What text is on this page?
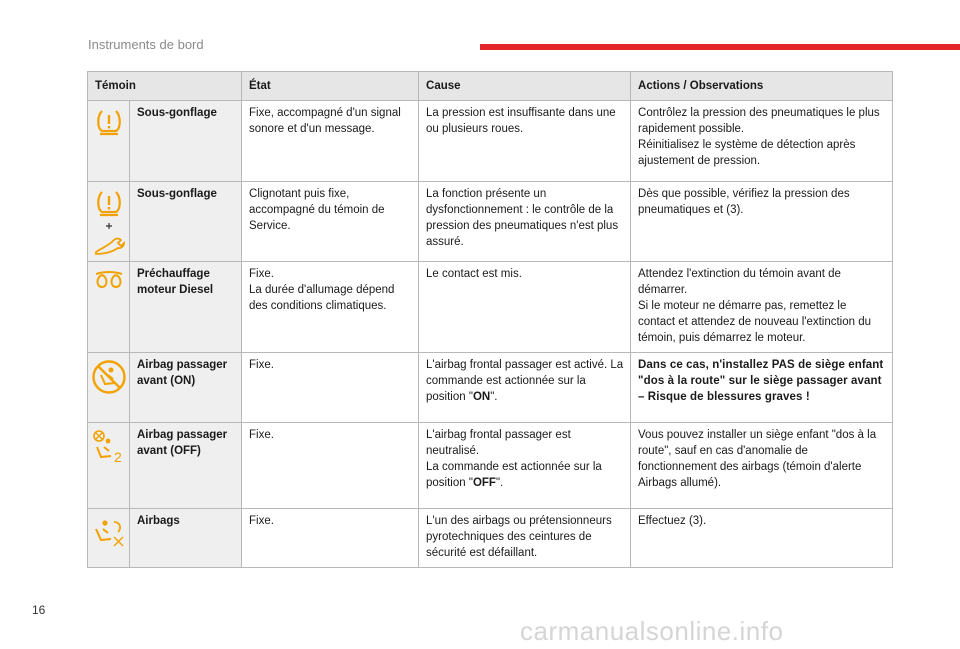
Instruments de bord
Témoin		État	Cause	Actions / Observations

	Sous-gonflage	Fixe, accompagné d'un signal sonore et d'un message.	La pression est insuffisante dans une ou plusieurs roues.	Contrôlez la pression des pneumatiques le plus rapidement possible.
Réinitialisez le système de détection après ajustement de pression.

	Sous-gonflage	Clignotant puis fixe, accompagné du témoin de Service.	La fonction présente un dysfonctionnement : le contrôle de la pression des pneumatiques n'est plus assuré.	Dès que possible, vérifiez la pression des pneumatiques et (3).

	Préchauffage moteur Diesel	Fixe.
La durée d'allumage dépend des conditions climatiques.	Le contact est mis.	Attendez l'extinction du témoin avant de démarrer.
Si le moteur ne démarre pas, remettez le contact et attendez de nouveau l'extinction du témoin, puis démarrez le moteur.

	Airbag passager avant (ON)	Fixe.	L'airbag frontal passager est activé. La commande est actionnée sur la position "ON".	Dans ce cas, n'installez PAS de siège enfant "dos à la route" sur le siège passager avant – Risque de blessures graves !

2	Airbag passager avant (OFF)	Fixe.	L'airbag frontal passager est neutralisé.
La commande est actionnée sur la position "OFF".	Vous pouvez installer un siège enfant "dos à la route", sauf en cas d'anomalie de fonctionnement des airbags (témoin d'alerte Airbags allumé).

	Airbags	Fixe.	L'un des airbags ou prétensionneurs pyrotechniques des ceintures de sécurité est défaillant.	Effectuez (3).
16
carmanualsonline.info
